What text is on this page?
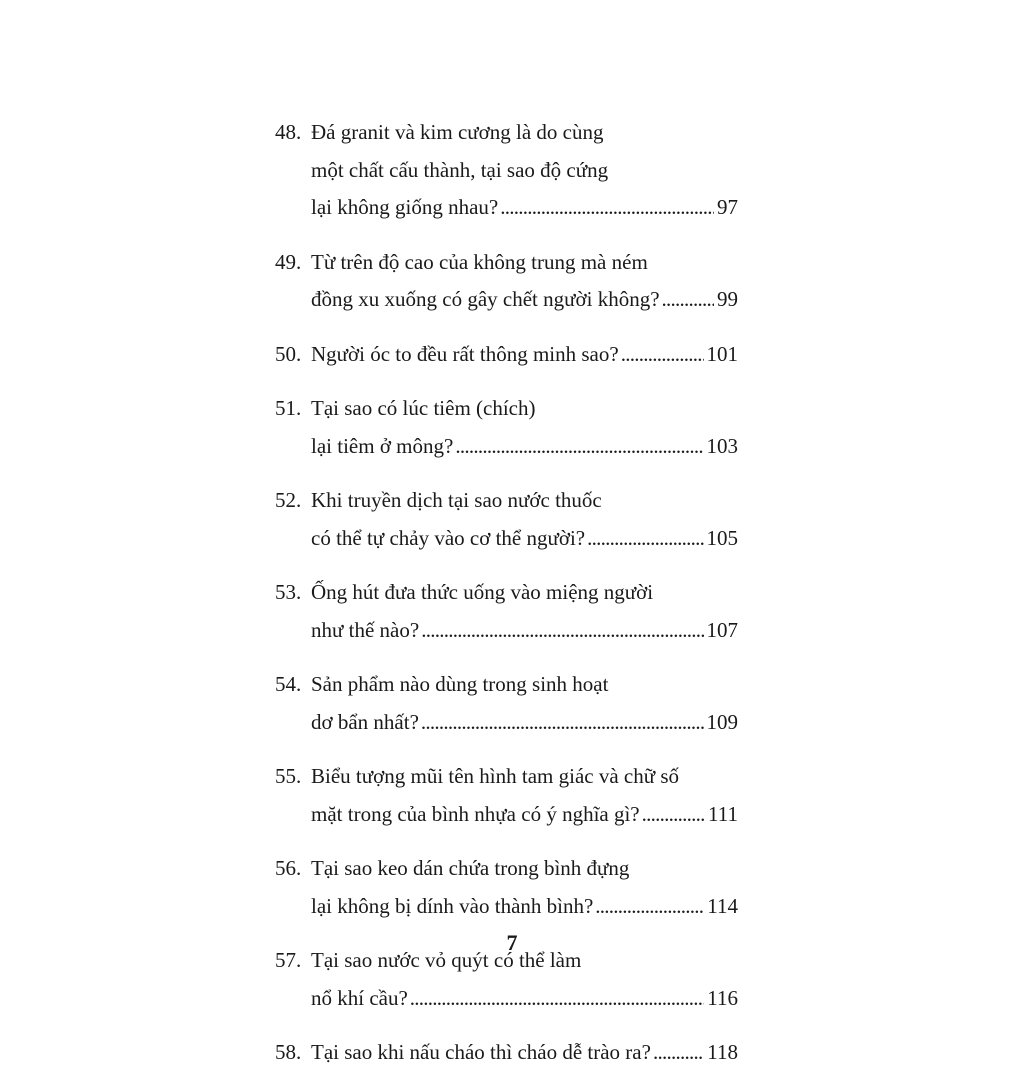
48. Đá granit và kim cương là do cùng
một chất cấu thành, tại sao độ cứng
lại không giống nhau? . . .	97
49. Từ trên độ cao của không trung mà ném
đồng xu xuống có gây chết người không? . . .	99
50. Người óc to đều rất thông minh sao? . . .	101
51. Tại sao có lúc tiêm (chích)
lại tiêm ở mông? . . .	103
52. Khi truyền dịch tại sao nước thuốc
có thể tự chảy vào cơ thể người? . . .	105
53. Ống hút đưa thức uống vào miệng người
như thế nào? . . .	107
54. Sản phẩm nào dùng trong sinh hoạt
dơ bẩn nhất? . . .	109
55. Biểu tượng mũi tên hình tam giác và chữ số
mặt trong của bình nhựa có ý nghĩa gì? . . .	111
56. Tại sao keo dán chứa trong bình đựng
lại không bị dính vào thành bình? . . .	114
57. Tại sao nước vỏ quýt có thể làm
nổ khí cầu? . . .	116
58. Tại sao khi nấu cháo thì cháo dễ trào ra? . . .	118
7
